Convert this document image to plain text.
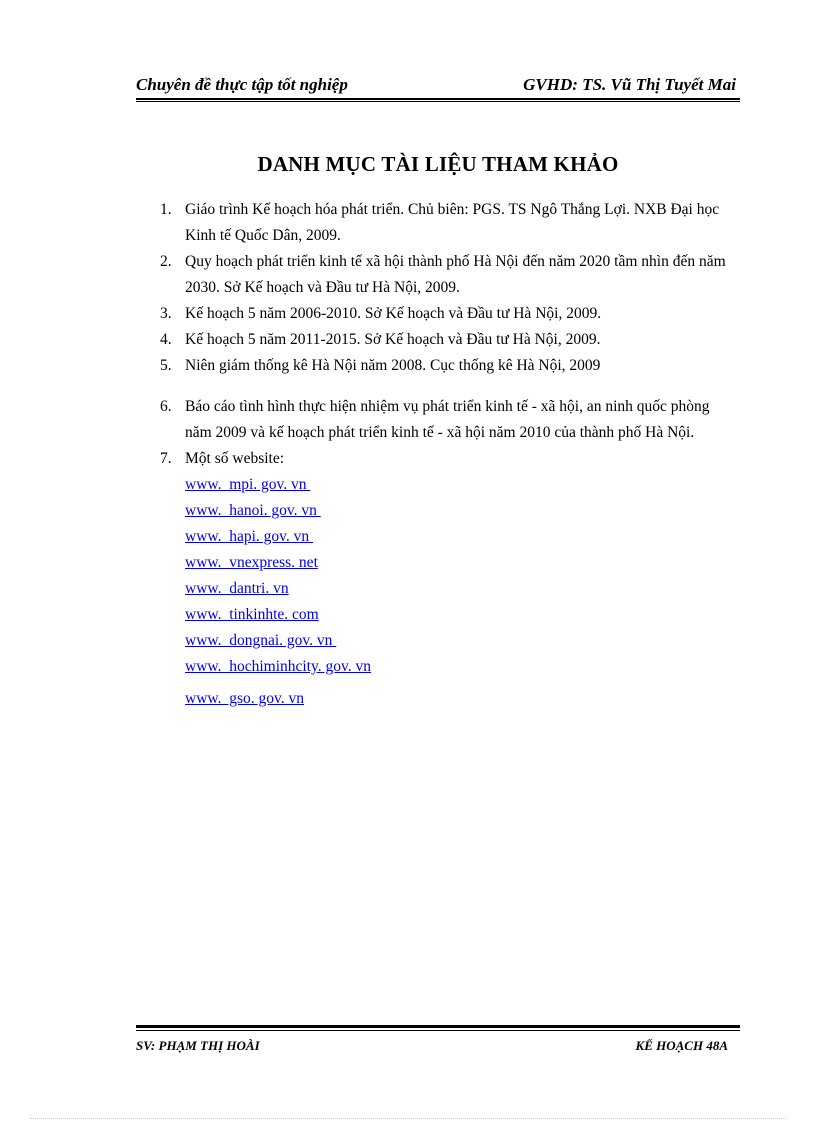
Chuyên đề thực tập tốt nghiệp	GVHD: TS. Vũ Thị Tuyết Mai
DANH MỤC TÀI LIỆU THAM KHẢO
1. Giáo trình Kế hoạch hóa phát triển. Chủ biên: PGS. TS Ngô Thắng Lợi. NXB Đại học Kinh tế Quốc Dân, 2009.
2. Quy hoạch phát triển kinh tế xã hội thành phố Hà Nội đến năm 2020 tầm nhìn đến năm 2030. Sở Kế hoạch và Đầu tư Hà Nội, 2009.
3. Kế hoạch 5 năm 2006-2010. Sở Kế hoạch và Đầu tư Hà Nội, 2009.
4. Kế hoạch 5 năm 2011-2015. Sở Kế hoạch và Đầu tư Hà Nội, 2009.
5. Niên giám thống kê Hà Nội năm 2008. Cục thống kê Hà Nội, 2009
6. Báo cáo tình hình thực hiện nhiệm vụ phát triển kinh tế - xã hội, an ninh quốc phòng năm 2009 và kế hoạch phát triển kinh tế - xã hội năm 2010 của thành phố Hà Nội.
7. Một số website:
www.  mpi. gov. vn
www.  hanoi. gov. vn
www.  hapi. gov. vn
www.  vnexpress. net
www.  dantri. vn
www.  tinkinhte. com
www.  dongnai. gov. vn
www.  hochiminhcity. gov. vn
www.  gso. gov. vn
SV: PHẠM THỊ HOÀI	KẾ HOẠCH 48A
